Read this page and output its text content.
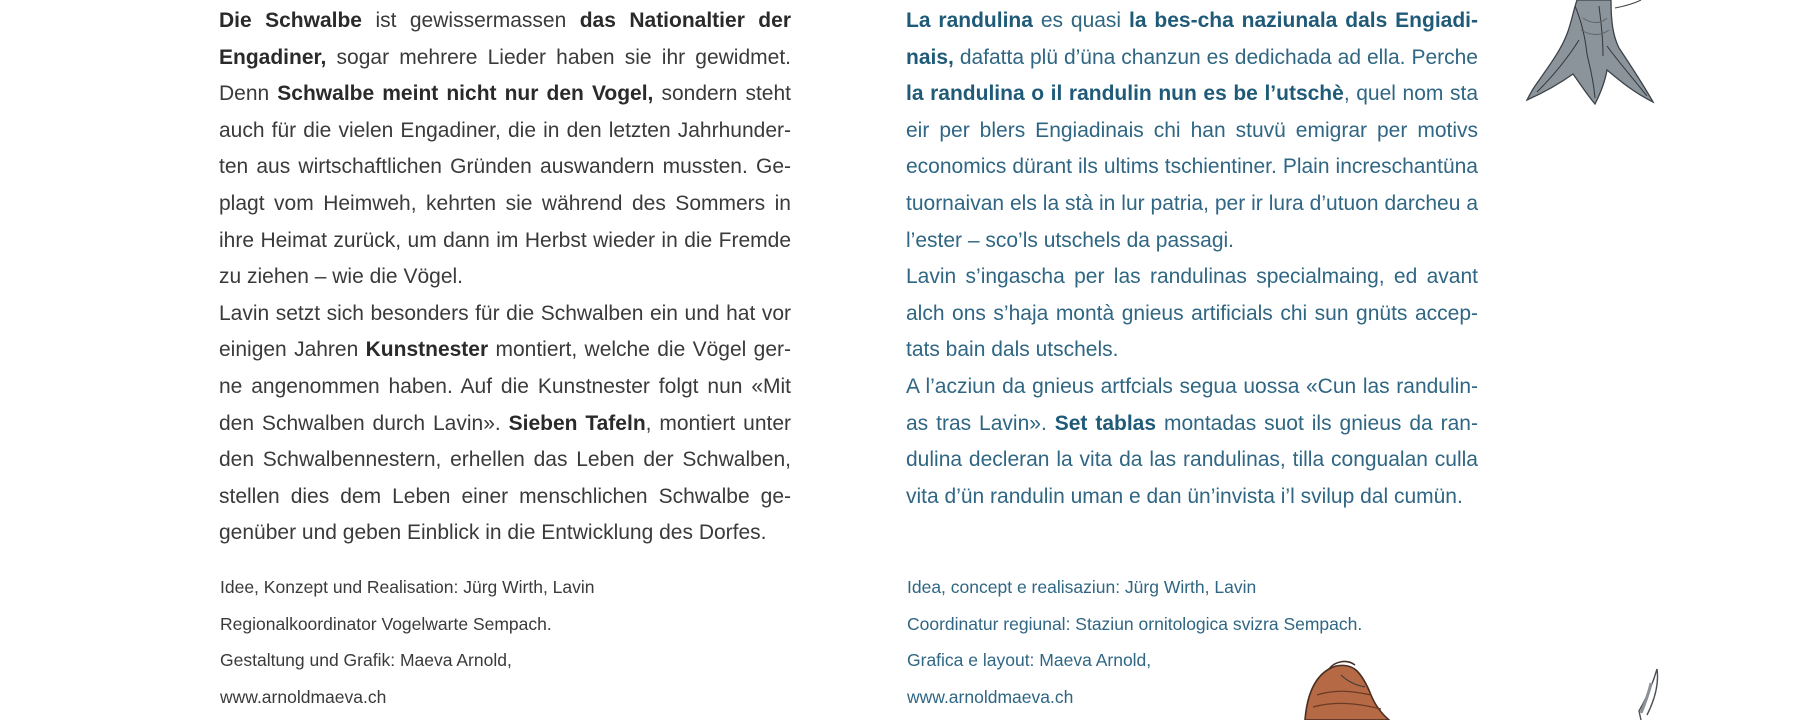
Die Schwalbe ist gewissermassen das Nationaltier der Engadiner, sogar mehrere Lieder haben sie ihr gewidmet. Denn Schwalbe meint nicht nur den Vogel, sondern steht auch für die vielen Engadiner, die in den letzten Jahrhunderten aus wirtschaftlichen Gründen auswandern mussten. Geplagt vom Heimweh, kehrten sie während des Sommers in ihre Heimat zurück, um dann im Herbst wieder in die Fremde zu ziehen – wie die Vögel.

Lavin setzt sich besonders für die Schwalben ein und hat vor einigen Jahren Kunstnester montiert, welche die Vögel gerne angenommen haben. Auf die Kunstnester folgt nun «Mit den Schwalben durch Lavin». Sieben Tafeln, montiert unter den Schwalbennestern, erhellen das Leben der Schwalben, stellen dies dem Leben einer menschlichen Schwalbe gegenüber und geben Einblick in die Entwicklung des Dorfes.

Idee, Konzept und Realisation: Jürg Wirth, Lavin
Regionalkoordinator Vogelwarte Sempach.
Gestaltung und Grafik: Maeva Arnold,
www.arnoldmaeva.ch

La randulina es quasi la bes-cha naziunala dals Engiadinais, dafatta plü d’üna chanzun es dedichada ad ella. Perche la randulina o il randulin nun es be l’utschè, quel nom sta eir per blers Engiadinais chi han stuvü emigrar per motivs economics dürant ils ultims tschientiner. Plain increschantüna tuornaivan els la stà in lur patria, per ir lura d’utuon darcheu a l’ester – sco’ls utschels da passagi.

Lavin s’ingascha per las randulinas specialmaing, ed avant alch ons s’haja montà gnieus artificials chi sun gnüts acceptats bain dals utschels.

A l’acziun da gnieus artfcials segua uossa «Cun las randulinas tras Lavin». Set tablas montadas suot ils gnieus da randulina decleran la vita da las randulinas, tilla congualan culla vita d’ün randulin uman e dan ün’invista i’l svilup dal cumün.

Idea, concept e realisaziun: Jürg Wirth, Lavin
Coordinatur regiunal: Staziun ornitologica svizra Sempach.
Grafica e layout: Maeva Arnold,
www.arnoldmaeva.ch
